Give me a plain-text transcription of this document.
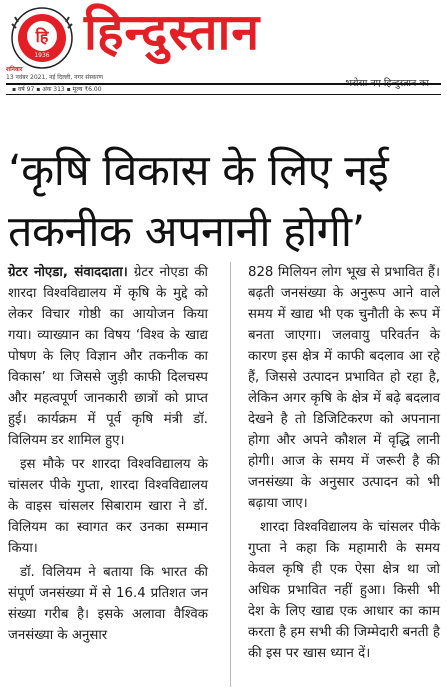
हि
1936 हिन्दुस्तान
शनिवार
13 नवंबर 2021, नई दिल्ली, नगर संस्करण
भरोसा नए हिन्दुस्तान का
▪ वर्ष 97 ▪ अंक 313 ▪ मूल्य ₹6.00
‘कृषि विकास के लिए नई तकनीक अपनानी होगी’

ग्रेटर नोएडा, संवाददाता। ग्रेटर नोएडा की शारदा विश्वविद्यालय में कृषि के मुद्दे को लेकर विचार गोष्ठी का आयोजन किया गया। व्याख्यान का विषय ‘विश्व के खाद्य पोषण के लिए विज्ञान और तकनीक का विकास’ था जिससे जुड़ी काफी दिलचस्प और महत्वपूर्ण जानकारी छात्रों को प्राप्त हुई। कार्यक्रम में पूर्व कृषि मंत्री डॉ. विलियम डर शामिल हुए।

इस मौके पर शारदा विश्वविद्यालय के चांसलर पीके गुप्ता, शारदा विश्वविद्यालय के वाइस चांसलर सिबाराम खारा ने डॉ. विलियम का स्वागत कर उनका सम्मान किया।

डॉ. विलियम ने बताया कि भारत की संपूर्ण जनसंख्या में से 16.4 प्रतिशत जन संख्या गरीब है। इसके अलावा वैश्विक जनसंख्या के अनुसार

828 मिलियन लोग भूख से प्रभावित हैं। बढ़ती जनसंख्या के अनुरूप आने वाले समय में खाद्य भी एक चुनौती के रूप में बनता जाएगा। जलवायु परिवर्तन के कारण इस क्षेत्र में काफी बदलाव आ रहे हैं, जिससे उत्पादन प्रभावित हो रहा है, लेकिन अगर कृषि के क्षेत्र में बढ़े बदलाव देखने है तो डिजिटिकरण को अपनाना होगा और अपने कौशल में वृद्धि लानी होगी। आज के समय में जरूरी है की जनसंख्या के अनुसार उत्पादन को भी बढ़ाया जाए।

शारदा विश्वविद्यालय के चांसलर पीके गुप्ता ने कहा कि महामारी के समय केवल कृषि ही एक ऐसा क्षेत्र था जो अधिक प्रभावित नहीं हुआ। किसी भी देश के लिए खाद्य एक आधार का काम करता है हम सभी की जिम्मेदारी बनती है की इस पर खास ध्यान दें।
